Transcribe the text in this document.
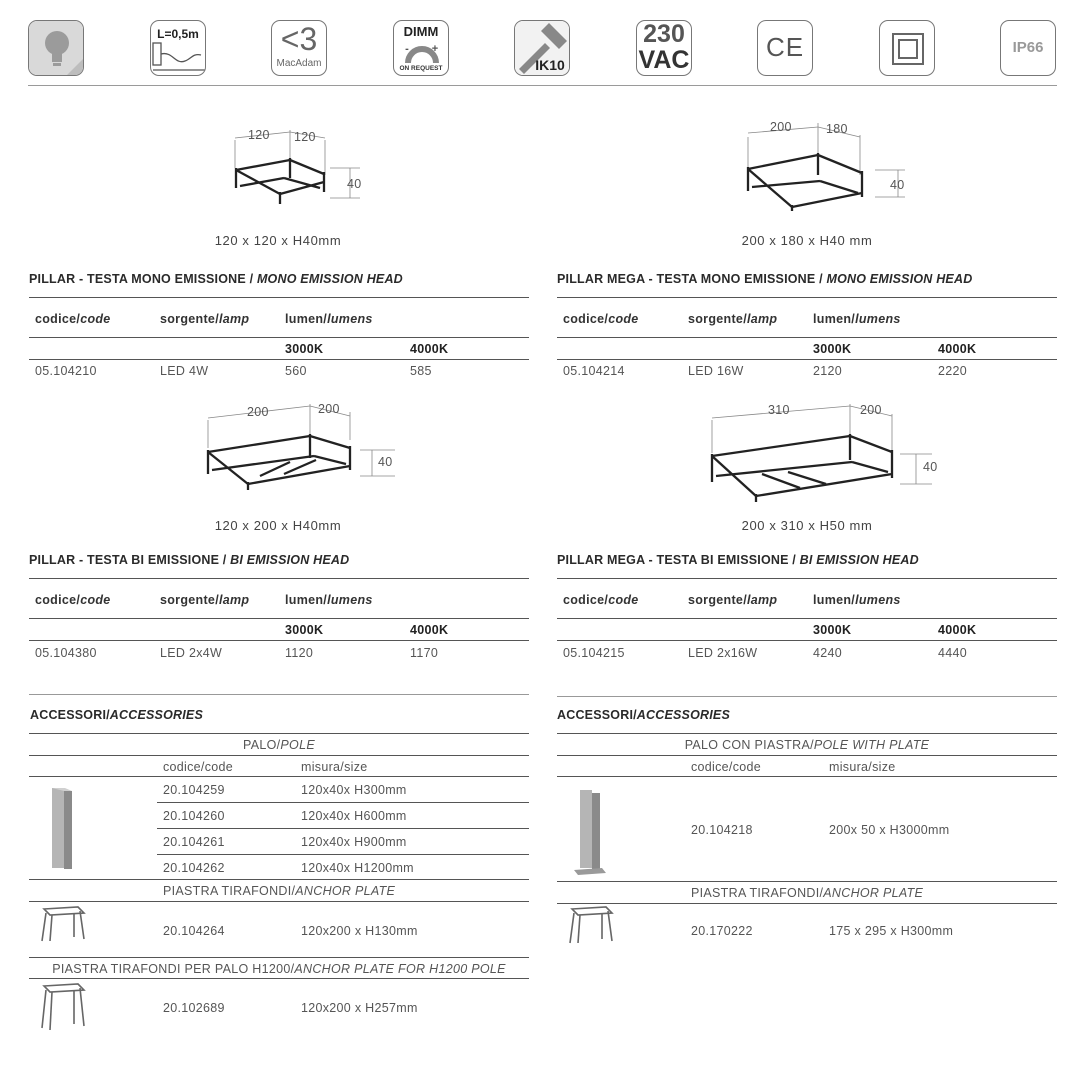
L=0,5m	<3
MacAdam
DIMM
-	+
ON REQUEST	IK10
230
VAC	CE	IP66
120 120
40
120 x 120 x H40mm
200	180
40
200 x 180 x H40 mm
200	200
40
120 x 200 x H40mm
310	200
40
200 x 310 x H50 mm
PILLAR - TESTA MONO EMISSIONE / MONO EMISSION HEAD
codice/code	sorgente/lamp	lumen/lumens
3000K	4000K
05.104210	LED 4W	560	585
PILLAR MEGA - TESTA MONO EMISSIONE / MONO EMISSION HEAD
codice/code	sorgente/lamp	lumen/lumens
3000K	4000K
05.104214	LED 16W	2120	2220
PILLAR - TESTA BI EMISSIONE / BI EMISSION HEAD
codice/code	sorgente/lamp	lumen/lumens
3000K	4000K
05.104380	LED 2x4W	1120	1170
PILLAR MEGA - TESTA BI EMISSIONE / BI EMISSION HEAD
codice/code	sorgente/lamp	lumen/lumens
3000K	4000K
05.104215	LED 2x16W	4240	4440
ACCESSORI/ACCESSORIES	ACCESSORI/ACCESSORIES
PALO/POLE
codice/code	misura/size
20.104259	120x40x H300mm
20.104260	120x40x H600mm
20.104261	120x40x H900mm
20.104262	120x40x H1200mm
PIASTRA TIRAFONDI/ANCHOR PLATE
20.104264	120x200 x H130mm
PIASTRA TIRAFONDI PER PALO H1200/ANCHOR PLATE FOR H1200 POLE
20.102689	120x200 x H257mm
PALO CON PIASTRA/POLE WITH PLATE
codice/code	misura/size
20.104218	200x 50 x H3000mm
PIASTRA TIRAFONDI/ANCHOR PLATE
20.170222	175 x 295 x H300mm
